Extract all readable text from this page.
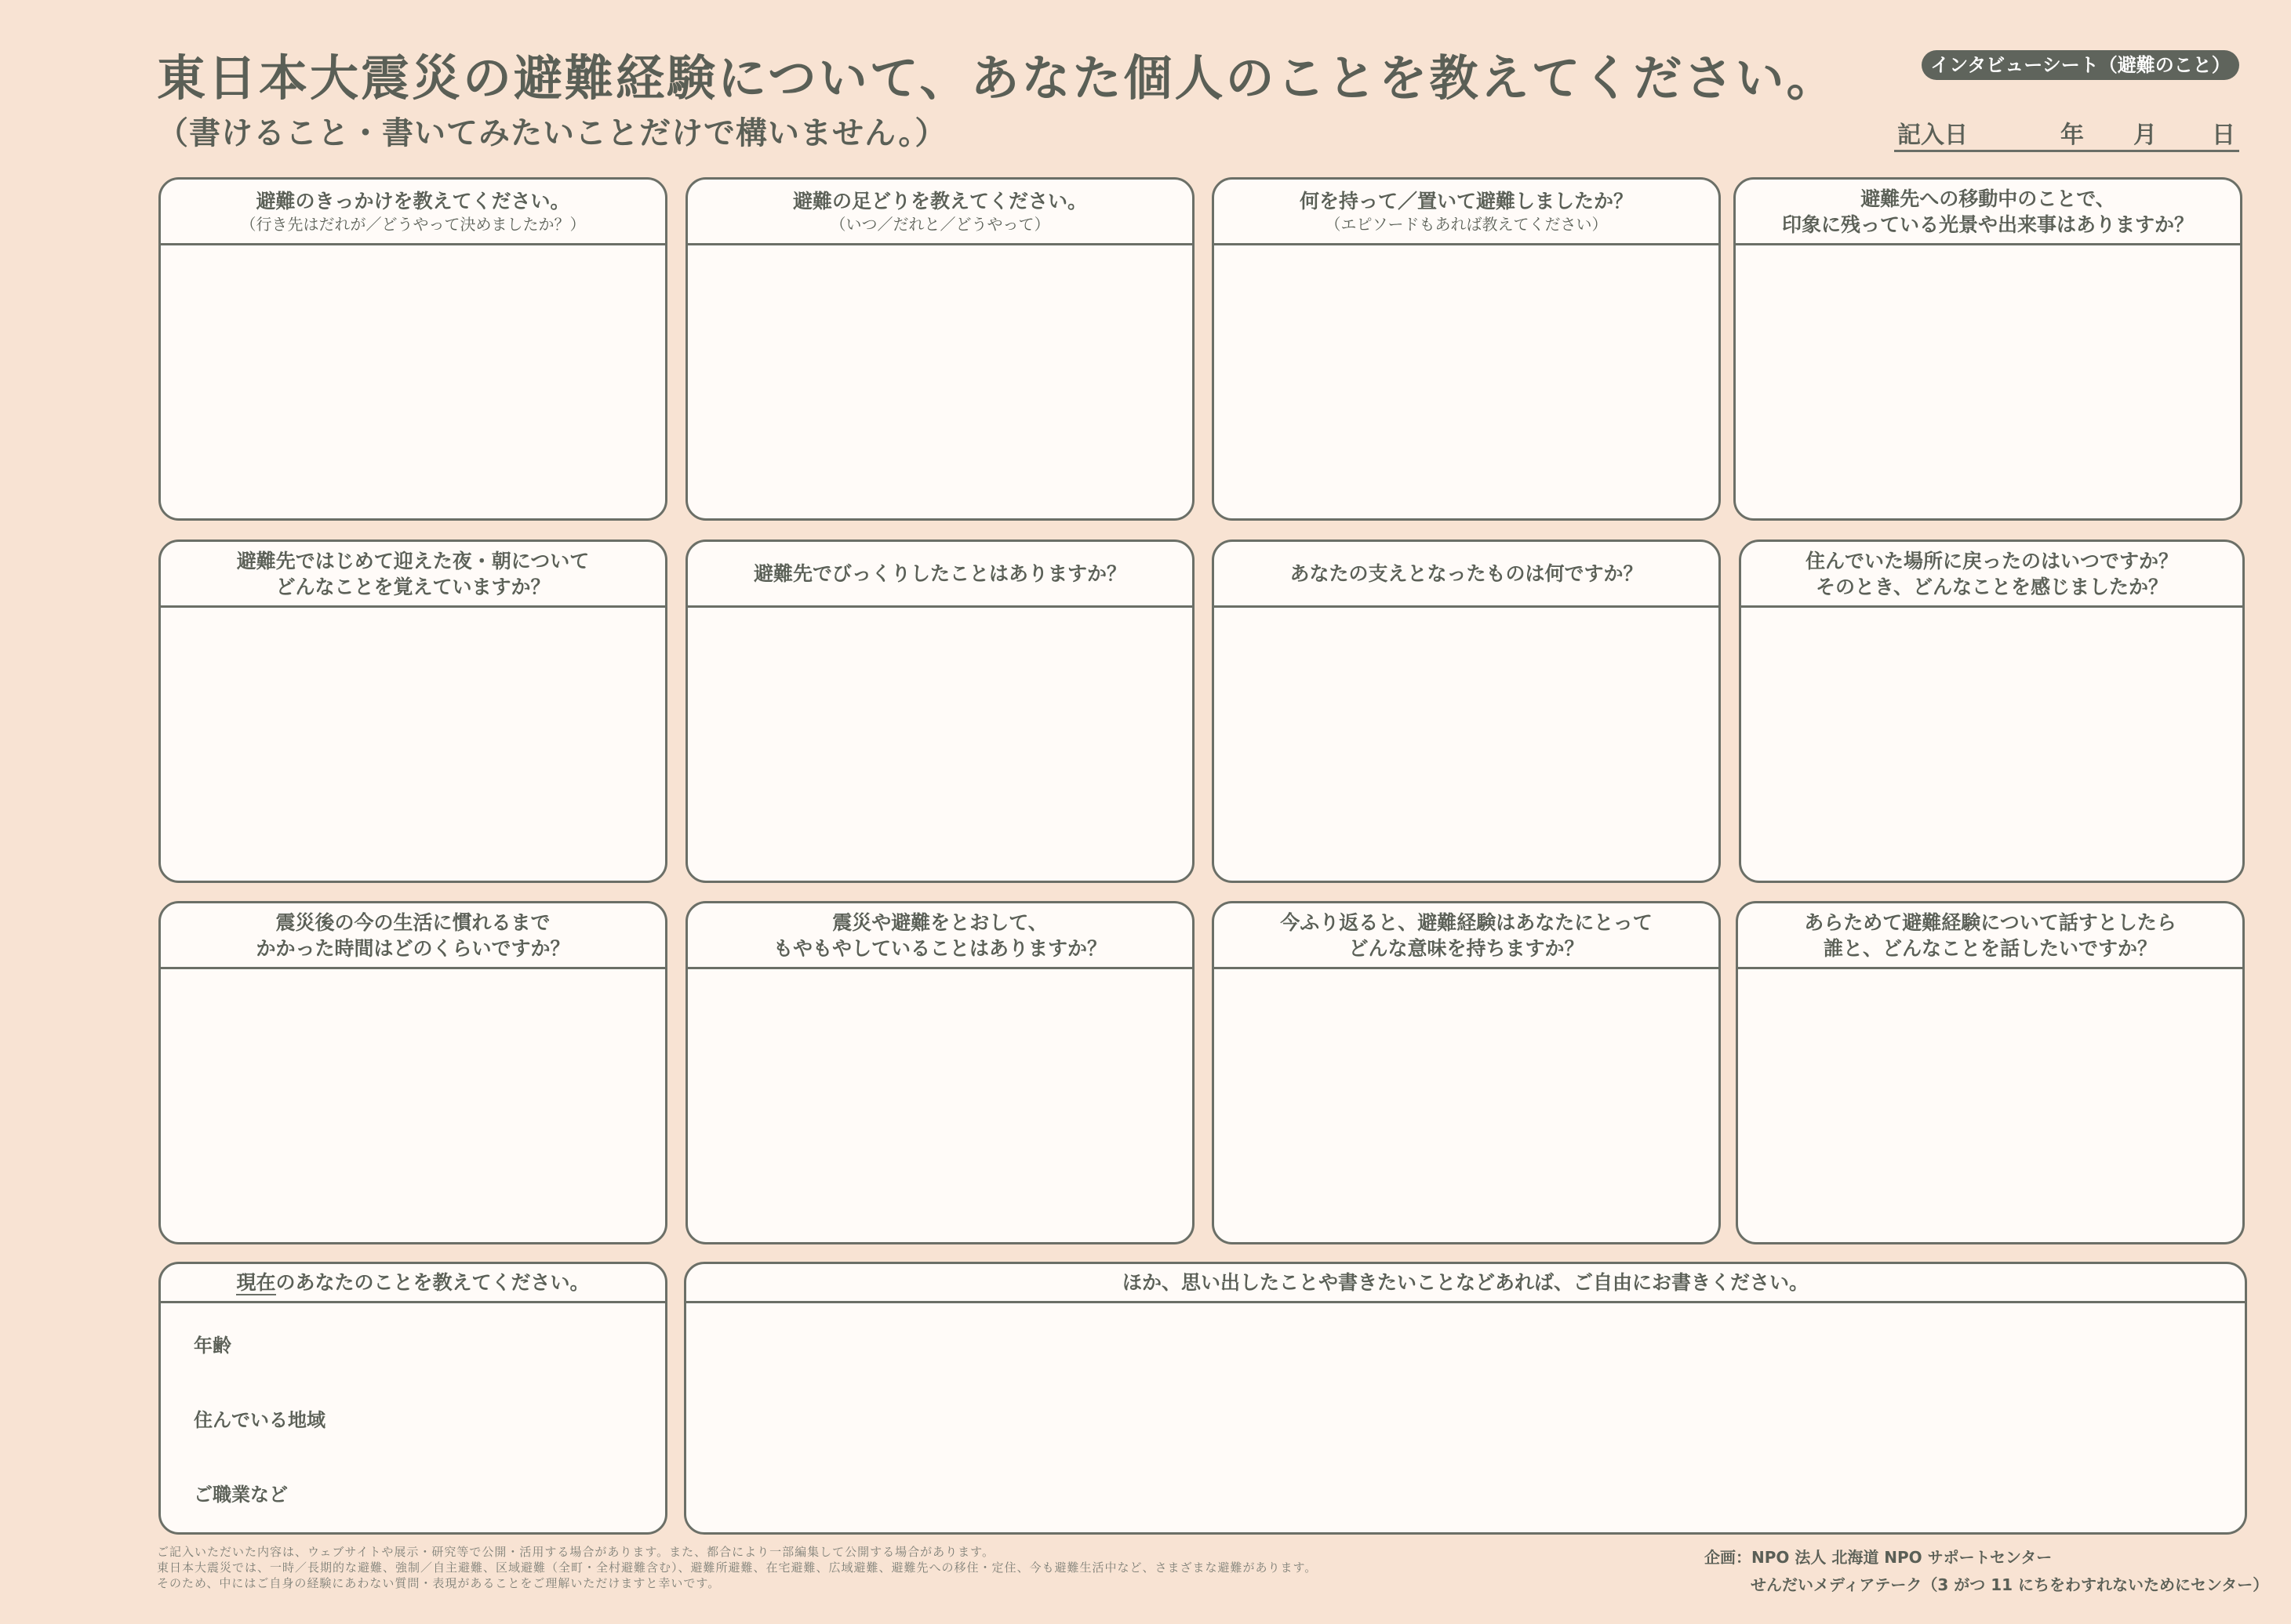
東日本大震災の避難経験について、あなた個人のことを教えてください。
（書けること・書いてみたいことだけで構いません。）
インタビューシート（避難のこと）
記入日	年 月 日
避難のきっかけを教えてください。
（行き先はだれが／どうやって決めましたか？）
避難の足どりを教えてください。
（いつ／だれと／どうやって）
何を持って／置いて避難しましたか？
（エピソードもあれば教えてください）
避難先への移動中のことで、
印象に残っている光景や出来事はありますか？
避難先ではじめて迎えた夜・朝について
どんなことを覚えていますか？
避難先でびっくりしたことはありますか？	あなたの支えとなったものは何ですか？
住んでいた場所に戻ったのはいつですか？
そのとき、どんなことを感じましたか？
震災後の今の生活に慣れるまで
かかった時間はどのくらいですか？
震災や避難をとおして、
もやもやしていることはありますか？
今ふり返ると、避難経験はあなたにとって
どんな意味を持ちますか？
あらためて避難経験について話すとしたら
誰と、どんなことを話したいですか？
現在のあなたのことを教えてください。
年齢
住んでいる地域
ご職業など
ほか、思い出したことや書きたいことなどあれば、ご自由にお書きください。
ご記入いただいた内容は、ウェブサイトや展示・研究等で公開・活用する場合があります。また、都合により一部編集して公開する場合があります。
東日本大震災では、一時／長期的な避難、強制／自主避難、区域避難（全町・全村避難含む）、避難所避難、在宅避難、広域避難、避難先への移住・定住、今も避難生活中など、さまざまな避難があります。
そのため、中にはご自身の経験にあわない質問・表現があることをご理解いただけますと幸いです。
企画：NPO 法人 北海道 NPO サポートセンター
せんだいメディアテーク（3 がつ 11 にちをわすれないためにセンター）
